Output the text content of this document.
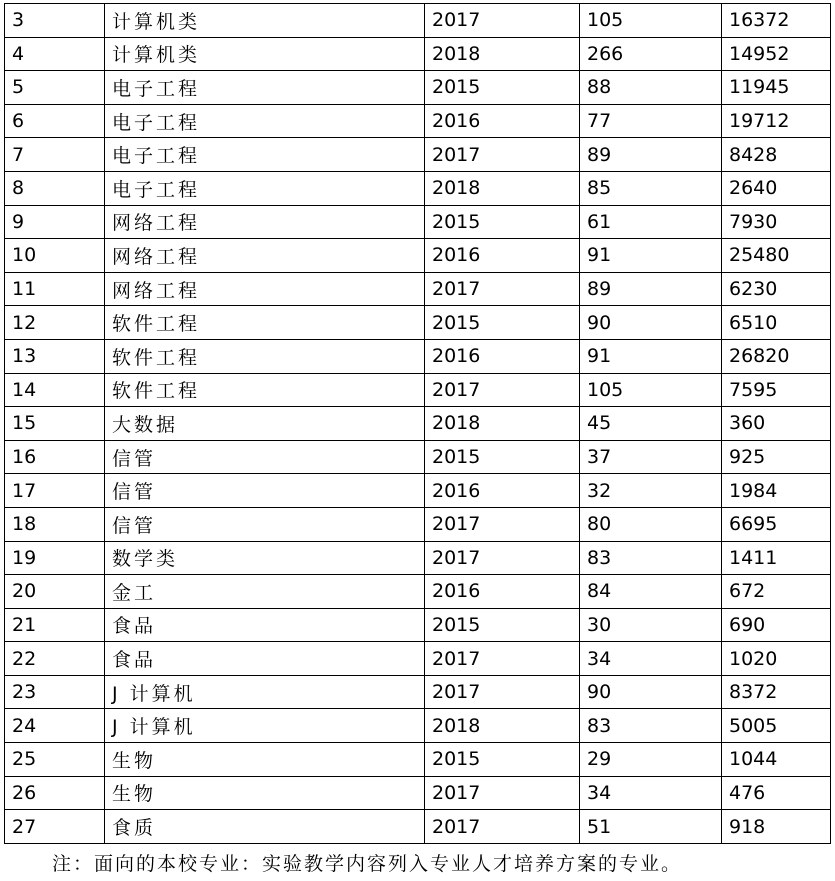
3	计算机类	2017	105	16372
4	计算机类	2018	266	14952
5	电子工程	2015	88	11945
6	电子工程	2016	77	19712
7	电子工程	2017	89	8428
8	电子工程	2018	85	2640
9	网络工程	2015	61	7930
10	网络工程	2016	91	25480
11	网络工程	2017	89	6230
12	软件工程	2015	90	6510
13	软件工程	2016	91	26820
14	软件工程	2017	105	7595
15	大数据	2018	45	360
16	信管	2015	37	925
17	信管	2016	32	1984
18	信管	2017	80	6695
19	数学类	2017	83	1411
20	金工	2016	84	672
21	食品	2015	30	690
22	食品	2017	34	1020
23	J 计算机	2017	90	8372
24	J 计算机	2018	83	5005
25	生物	2015	29	1044
26	生物	2017	34	476
27	食质	2017	51	918
注：面向的本校专业：实验教学内容列入专业人才培养方案的专业。
